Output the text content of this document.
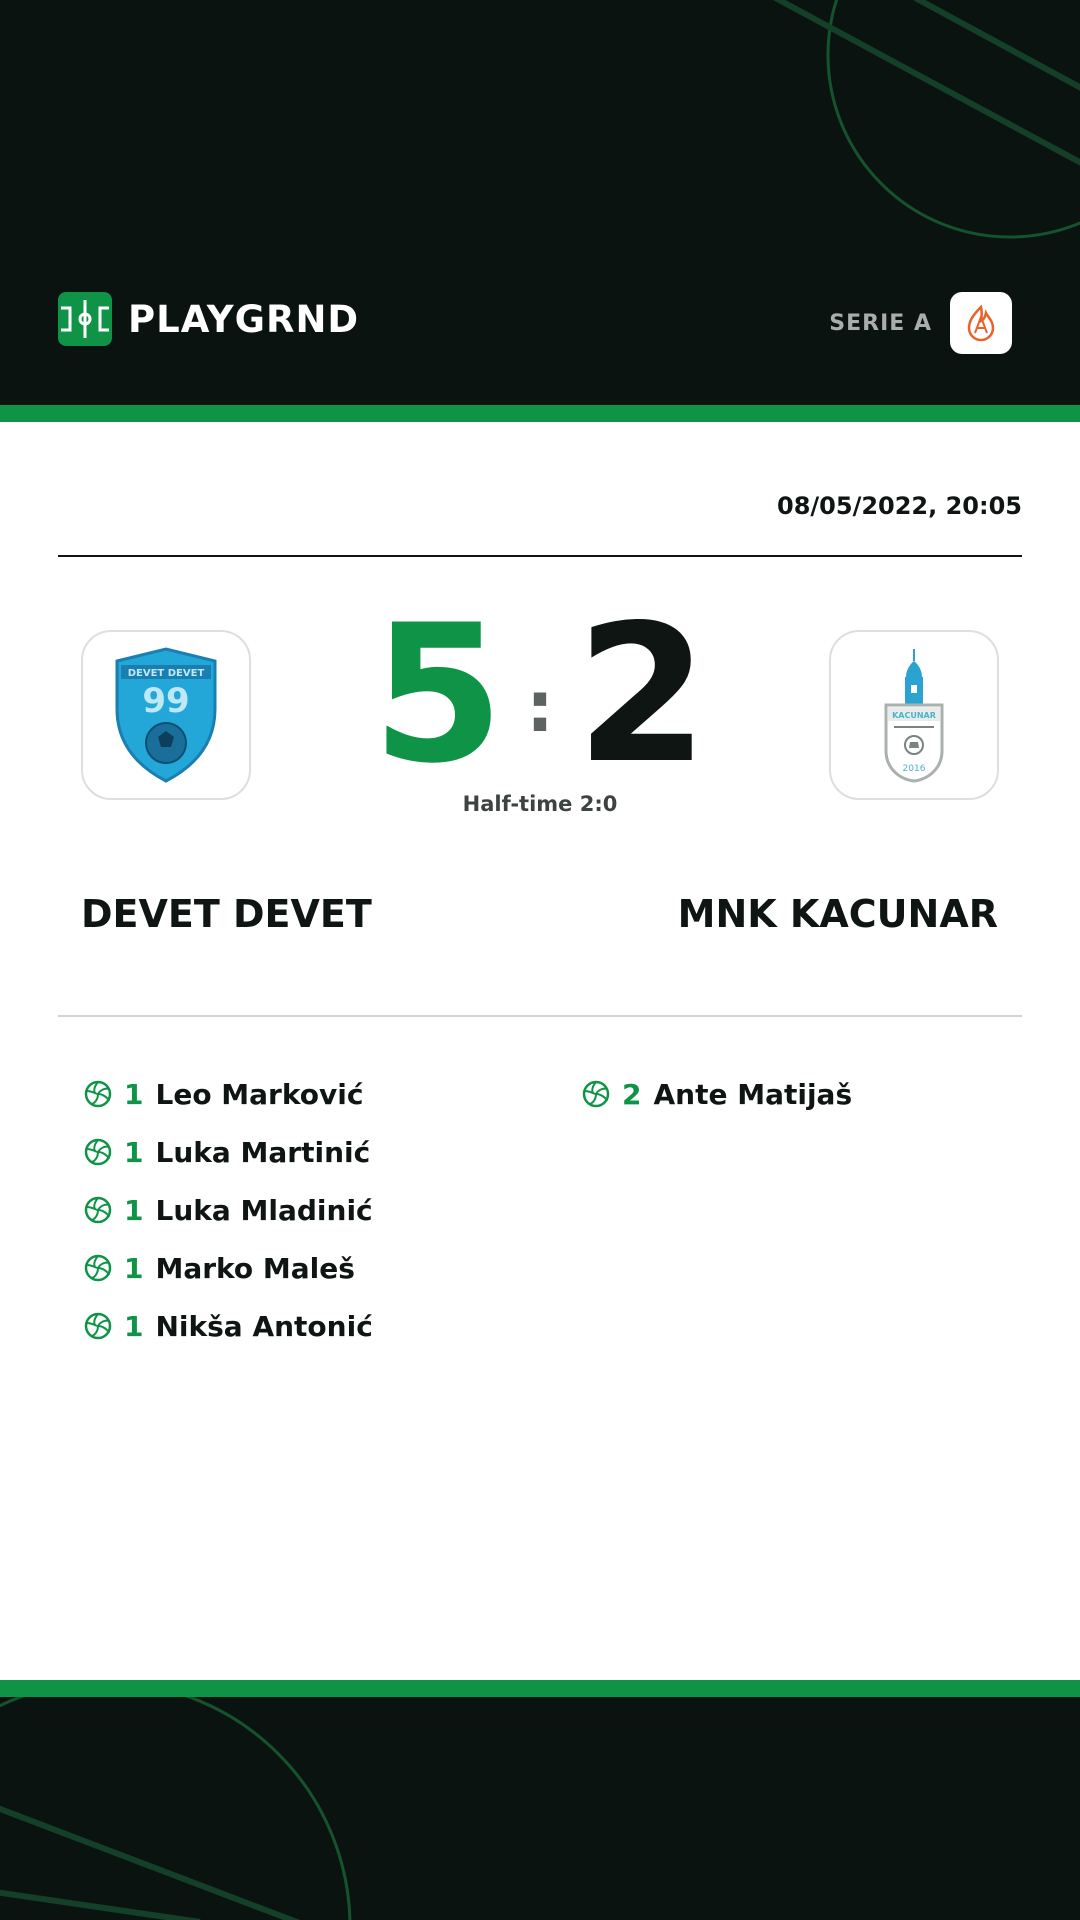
PLAYGRND	SERIE A
08/05/2022, 20:05
DEVET DEVET
99 5 : 2
Half-time 2:0
KACUNAR
2016
DEVET DEVET	MNK KACUNAR
1 Leo Marković
1 Luka Martinić
1 Luka Mladinić
1 Marko Maleš
1 Nikša Antonić
2 Ante Matijaš
